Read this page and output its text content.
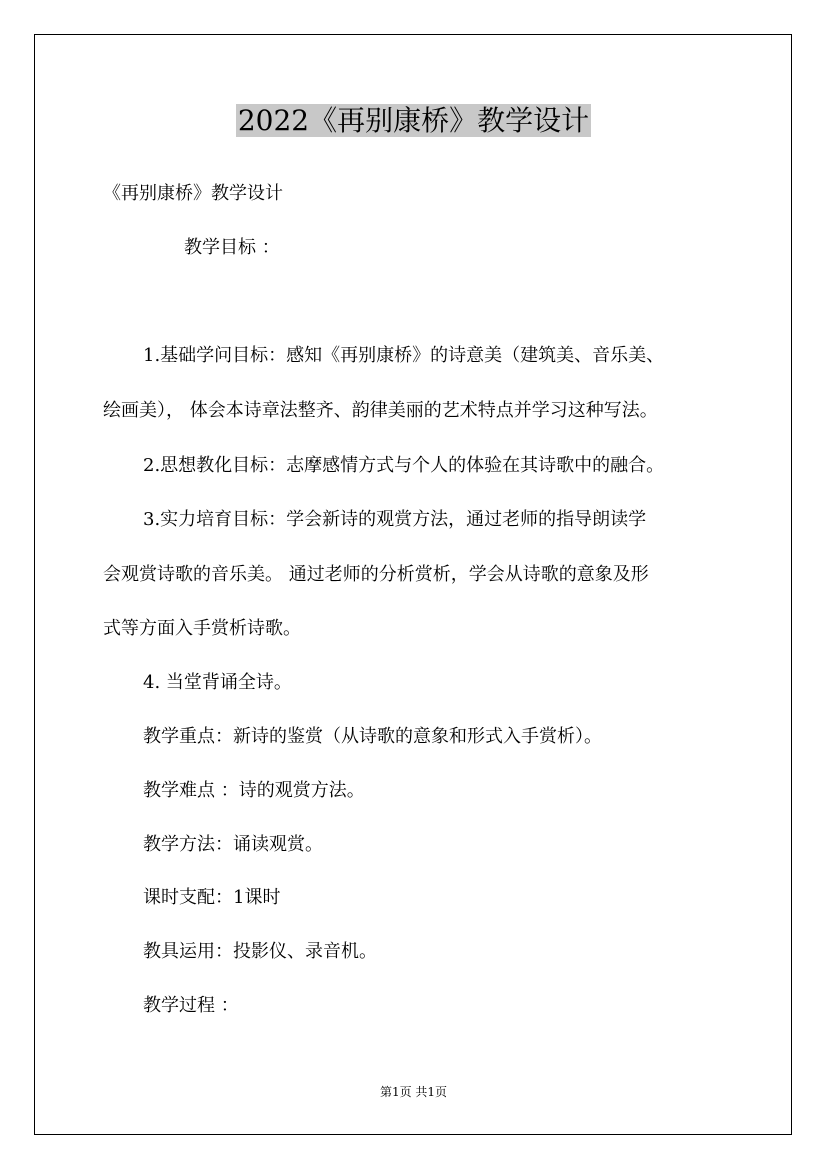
2022《再别康桥》教学设计
《再别康桥》教学设计
教学目标 ：
1.基础学问目标：感知《再别康桥》的诗意美（建筑美、音乐美、
绘画美）， 体会本诗章法整齐、韵律美丽的艺术特点并学习这种写法。
2.思想教化目标：志摩感情方式与个人的体验在其诗歌中的融合。
3.实力培育目标：学会新诗的观赏方法，通过老师的指导朗读学
会观赏诗歌的音乐美。 通过老师的分析赏析，学会从诗歌的意象及形
式等方面入手赏析诗歌。
4. 当堂背诵全诗。
教学重点：新诗的鉴赏（从诗歌的意象和形式入手赏析）。
教学难点 ：诗的观赏方法。
教学方法：诵读观赏。
课时支配：1课时
教具运用：投影仪、录音机。
教学过程 ：
第1页 共1页
